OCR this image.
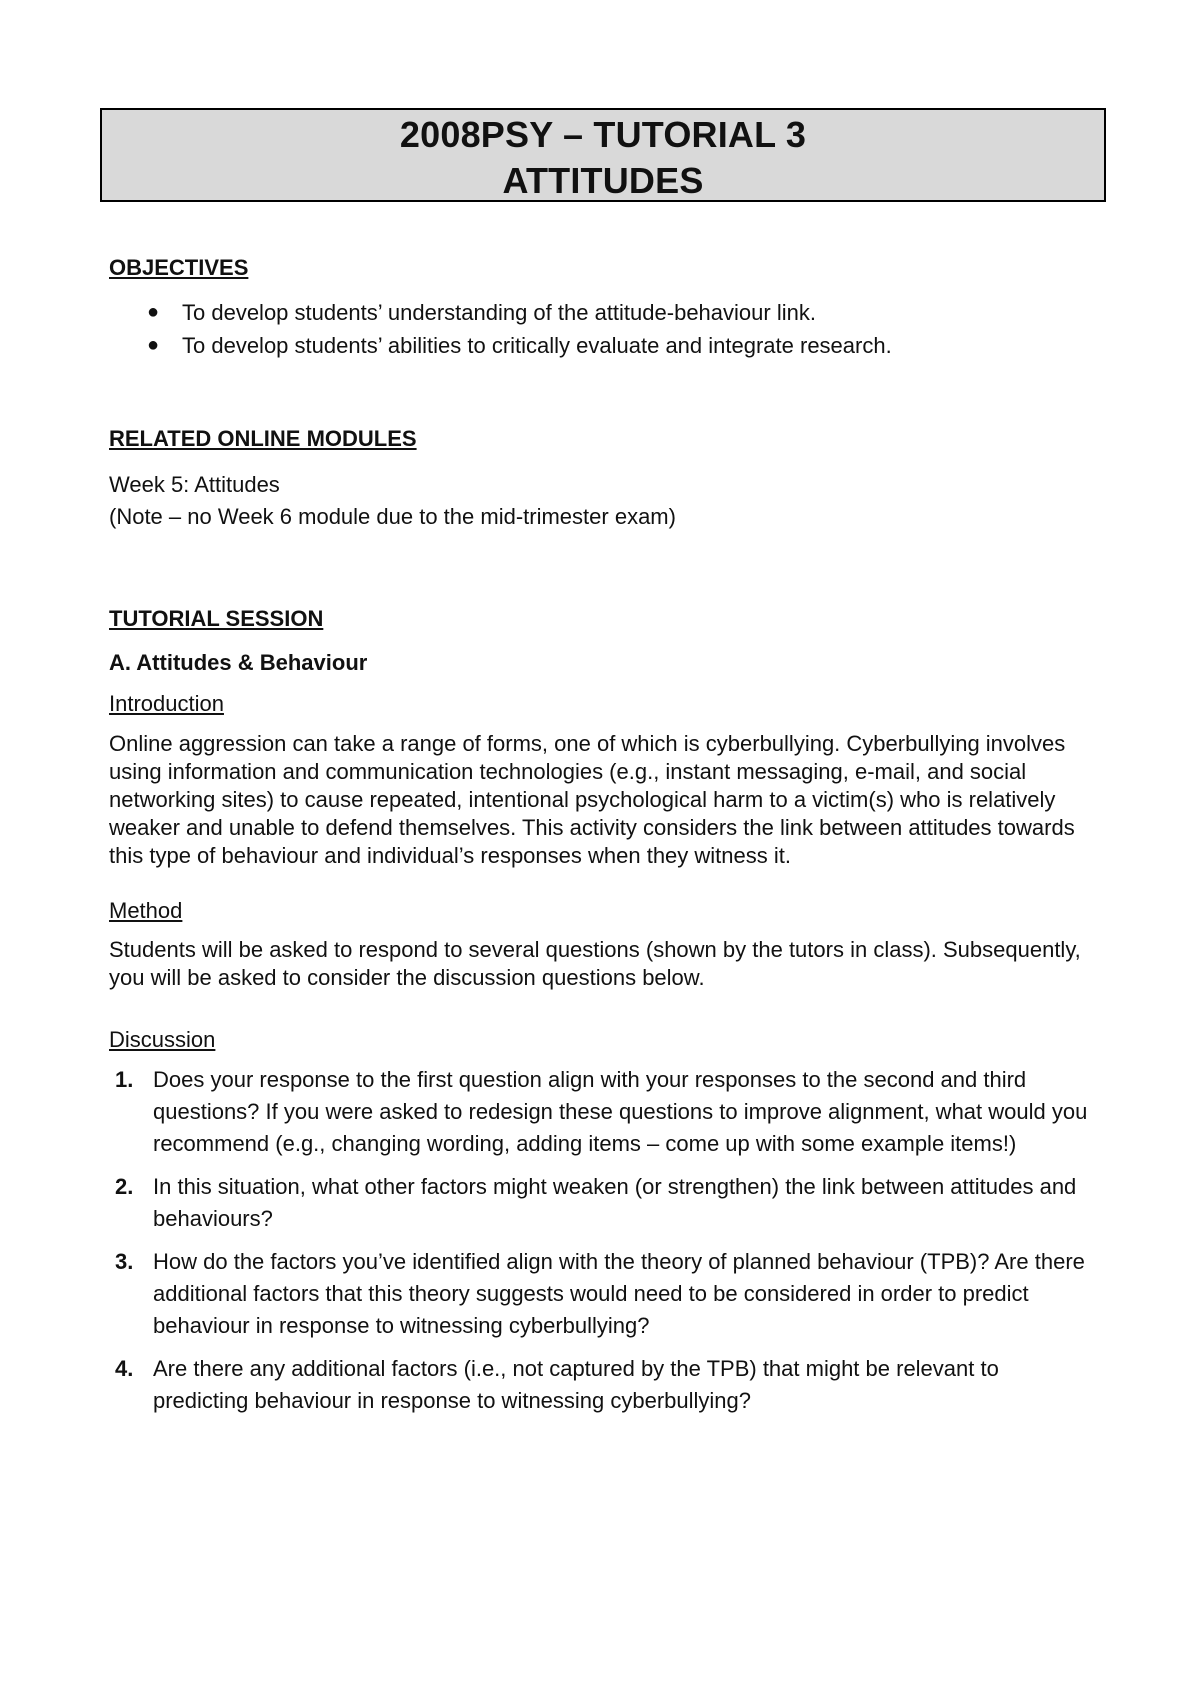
2008PSY – TUTORIAL 3
ATTITUDES

OBJECTIVES

● To develop students’ understanding of the attitude-behaviour link.
● To develop students’ abilities to critically evaluate and integrate research.

RELATED ONLINE MODULES

Week 5: Attitudes

(Note – no Week 6 module due to the mid-trimester exam)

TUTORIAL SESSION

A. Attitudes & Behaviour

Introduction

Online aggression can take a range of forms, one of which is cyberbullying. Cyberbullying involves using information and communication technologies (e.g., instant messaging, e-mail, and social networking sites) to cause repeated, intentional psychological harm to a victim(s) who is relatively weaker and unable to defend themselves. This activity considers the link between attitudes towards this type of behaviour and individual’s responses when they witness it.

Method

Students will be asked to respond to several questions (shown by the tutors in class). Subsequently, you will be asked to consider the discussion questions below.

Discussion

1. Does your response to the first question align with your responses to the second and third questions? If you were asked to redesign these questions to improve alignment, what would you recommend (e.g., changing wording, adding items – come up with some example items!)
2. In this situation, what other factors might weaken (or strengthen) the link between attitudes and behaviours?
3. How do the factors you’ve identified align with the theory of planned behaviour (TPB)? Are there additional factors that this theory suggests would need to be considered in order to predict behaviour in response to witnessing cyberbullying?
4. Are there any additional factors (i.e., not captured by the TPB) that might be relevant to predicting behaviour in response to witnessing cyberbullying?
